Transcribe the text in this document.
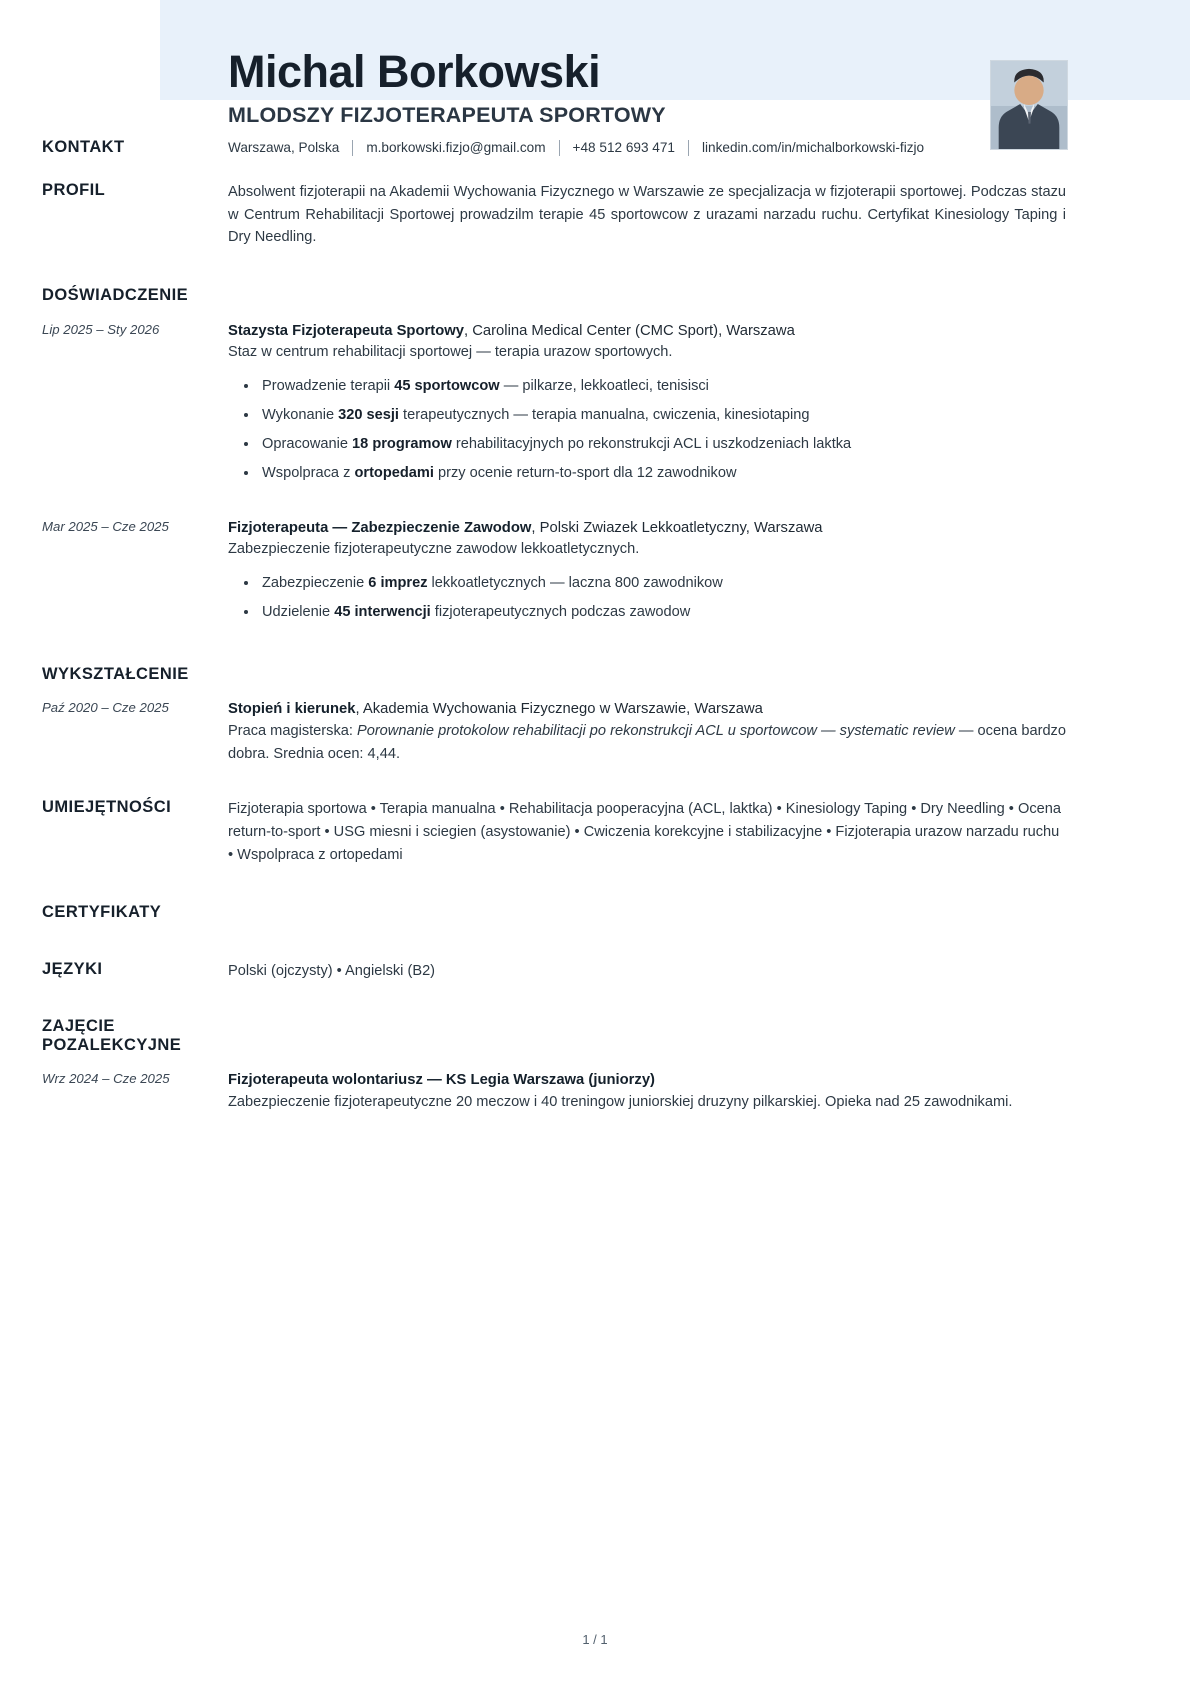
Michal Borkowski
MLODSZY FIZJOTERAPEUTA SPORTOWY
KONTAKT	Warszawa, Polska m.borkowski.fizjo@gmail.com +48 512 693 471 linkedin.com/in/michalborkowski-fizjo
PROFIL	Absolwent fizjoterapii na Akademii Wychowania Fizycznego w Warszawie ze specjalizacja w fizjoterapii sportowej. Podczas stazu w Centrum Rehabilitacji Sportowej prowadzilm terapie 45 sportowcow z urazami narzadu ruchu. Certyfikat Kinesiology Taping i Dry Needling.
DOŚWIADCZENIE
Lip 2025 – Sty 2026	Stazysta Fizjoterapeuta Sportowy, Carolina Medical Center (CMC Sport), Warszawa
Staz w centrum rehabilitacji sportowej — terapia urazow sportowych.
Prowadzenie terapii 45 sportowcow — pilkarze, lekkoatleci, tenisisci
Wykonanie 320 sesji terapeutycznych — terapia manualna, cwiczenia, kinesiotaping
Opracowanie 18 programow rehabilitacyjnych po rekonstrukcji ACL i uszkodzeniach laktka
Wspolpraca z ortopedami przy ocenie return-to-sport dla 12 zawodnikow
Mar 2025 – Cze 2025	Fizjoterapeuta — Zabezpieczenie Zawodow, Polski Zwiazek Lekkoatletyczny, Warszawa
Zabezpieczenie fizjoterapeutyczne zawodow lekkoatletycznych.
Zabezpieczenie 6 imprez lekkoatletycznych — laczna 800 zawodnikow
Udzielenie 45 interwencji fizjoterapeutycznych podczas zawodow
WYKSZTAŁCENIE
Paź 2020 – Cze 2025	Stopień i kierunek, Akademia Wychowania Fizycznego w Warszawie, Warszawa
Praca magisterska: Porownanie protokolow rehabilitacji po rekonstrukcji ACL u sportowcow — systematic review — ocena bardzo dobra. Srednia ocen: 4,44.
UMIEJĘTNOŚCI	Fizjoterapia sportowa • Terapia manualna • Rehabilitacja pooperacyjna (ACL, laktka) • Kinesiology Taping • Dry Needling • Ocena return-to-sport • USG miesni i sciegien (asystowanie) • Cwiczenia korekcyjne i stabilizacyjne • Fizjoterapia urazow narzadu ruchu • Wspolpraca z ortopedami
CERTYFIKATY
JĘZYKI	Polski (ojczysty) • Angielski (B2)
ZAJĘCIE POZALEKCYJNE
Wrz 2024 – Cze 2025	Fizjoterapeuta wolontariusz — KS Legia Warszawa (juniorzy)
Zabezpieczenie fizjoterapeutyczne 20 meczow i 40 treningow juniorskiej druzyny pilkarskiej. Opieka nad 25 zawodnikami.
1 / 1
